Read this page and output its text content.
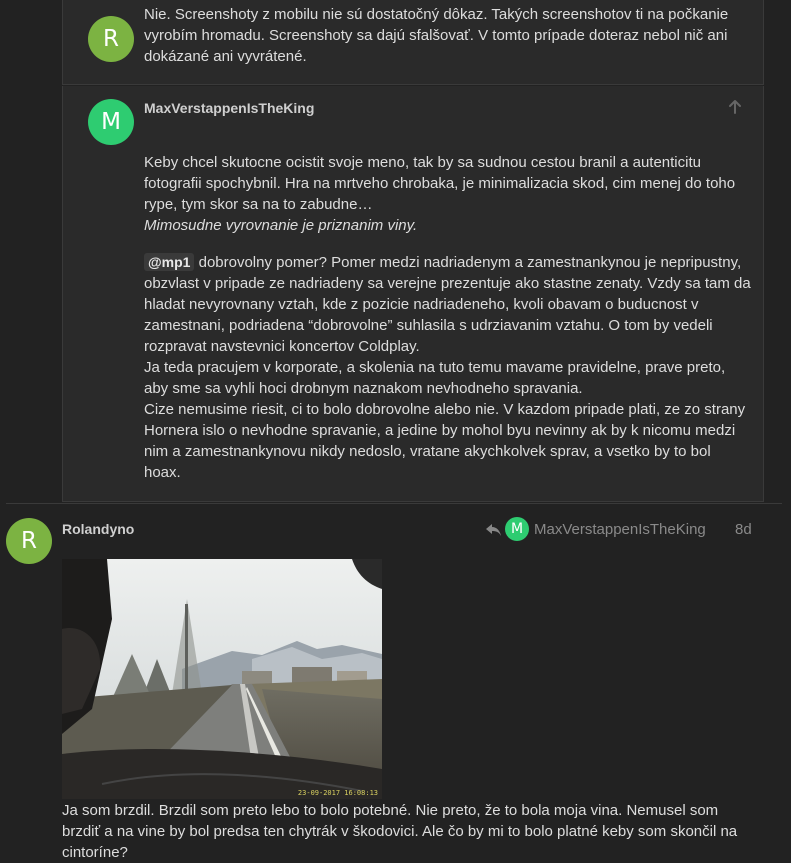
R

Nie. Screenshoty z mobilu nie sú dostatočný dôkaz. Takých screenshotov ti na počkanie

vyrobím hromadu. Screenshoty sa dajú sfalšovať. V tomto prípade doteraz nebol nič ani

dokázané ani vyvrátené.

M
MaxVerstappenIsTheKing

Keby chcel skutocne ocistit svoje meno, tak by sa sudnou cestou branil a autenticitu

fotografii spochybnil. Hra na mrtveho chrobaka, je minimalizacia skod, cim menej do toho

rype, tym skor sa na to zabudne…

Mimosudne vyrovnanie je priznanim viny.

@mp1 dobrovolny pomer? Pomer medzi nadriadenym a zamestnankynou je nepripustny,

obzvlast v pripade ze nadriadeny sa verejne prezentuje ako stastne zenaty. Vzdy sa tam da

hladat nevyrovnany vztah, kde z pozicie nadriadeneho, kvoli obavam o buducnost v

zamestnani, podriadena “dobrovolne” suhlasila s udrziavanim vztahu. O tom by vedeli

rozpravat navstevnici koncertov Coldplay.

Ja teda pracujem v korporate, a skolenia na tuto temu mavame pravidelne, prave preto,

aby sme sa vyhli hoci drobnym naznakom nevhodneho spravania.

Cize nemusime riesit, ci to bolo dobrovolne alebo nie. V kazdom pripade plati, ze zo strany

Hornera islo o nevhodne spravanie, a jedine by mohol byu nevinny ak by k nicomu medzi

nim a zamestnankynovu nikdy nedoslo, vratane akychkolvek sprav, a vsetko by to bol

hoax.

R Rolandyno	M MaxVerstappenIsTheKing 8d
23-09-2017 16:08:13

Ja som brzdil. Brzdil som preto lebo to bolo potebné. Nie preto, že to bola moja vina. Nemusel som

brzdiť a na vine by bol predsa ten chytrák v škodovici. Ale čo by mi to bolo platné keby som skončil na

cintoríne?
